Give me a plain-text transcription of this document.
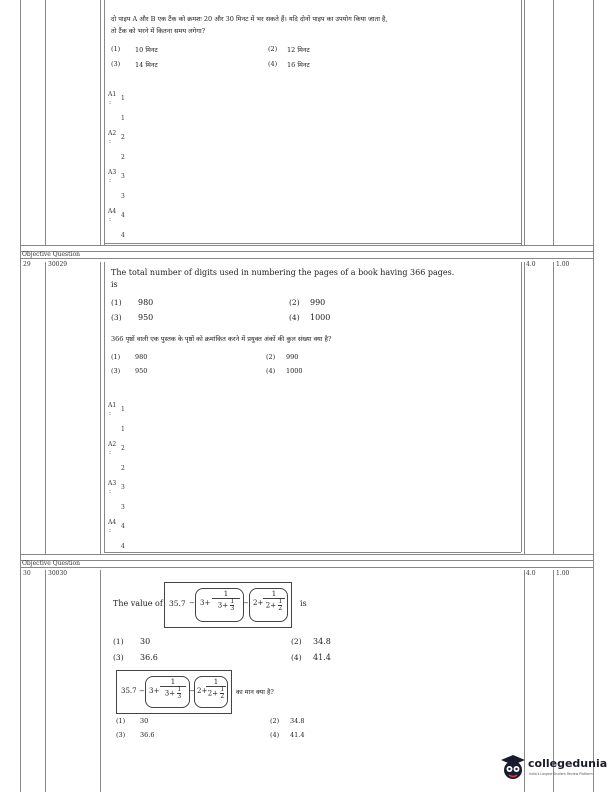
दो पाइप A और B एक टैंक को क्रमशः 20 और 30 मिनट में भर सकते हैं। यदि दोनों पाइप का उपयोग किया जाता है,
तो टैंक को भरने में कितना समय लगेगा?
(1) 10 मिनट	(2) 12 मिनट
(3) 14 मिनट	(4) 16 मिनट
A1
1
:
1
A2
2
:
2
A3
3
:
3
A4
4
:
4
Objective Question
29	30029	4.0	1.00
The total number of digits used in numbering the pages of a book having 366 pages.
is
(1) 980	(2) 990
(3) 950	(4) 1000
366 पृष्ठों वाली एक पुस्तक के पृष्ठों को क्रमांकित करने में प्रयुक्त अंकों की कुल संख्या क्या है?
(1) 980	(2) 990
(3) 950	(4) 1000
A1
1
:
1
A2
2
:
2
A3
3
:
3
A4
4
:
4
Objective Question
30	30030	4.0	1.00
The value of $35.7 - 3+ \frac{1}{3+ \frac{1}{3}} - 2+ \frac{1}{2+ \frac{1}{2}}$ is
(1) 30	(2) 34.8
(3) 36.6	(4) 41.4
$35.7 - 3+ \frac{1}{3+ \frac{1}{3}} - 2+$
$\frac{1}{2+ \frac{1}{2}}$ का मान क्या है?
(1) 30	(2) 34.8
(3) 36.6	(4) 41.4
collegedunia
India's Largest Student Review Platform
